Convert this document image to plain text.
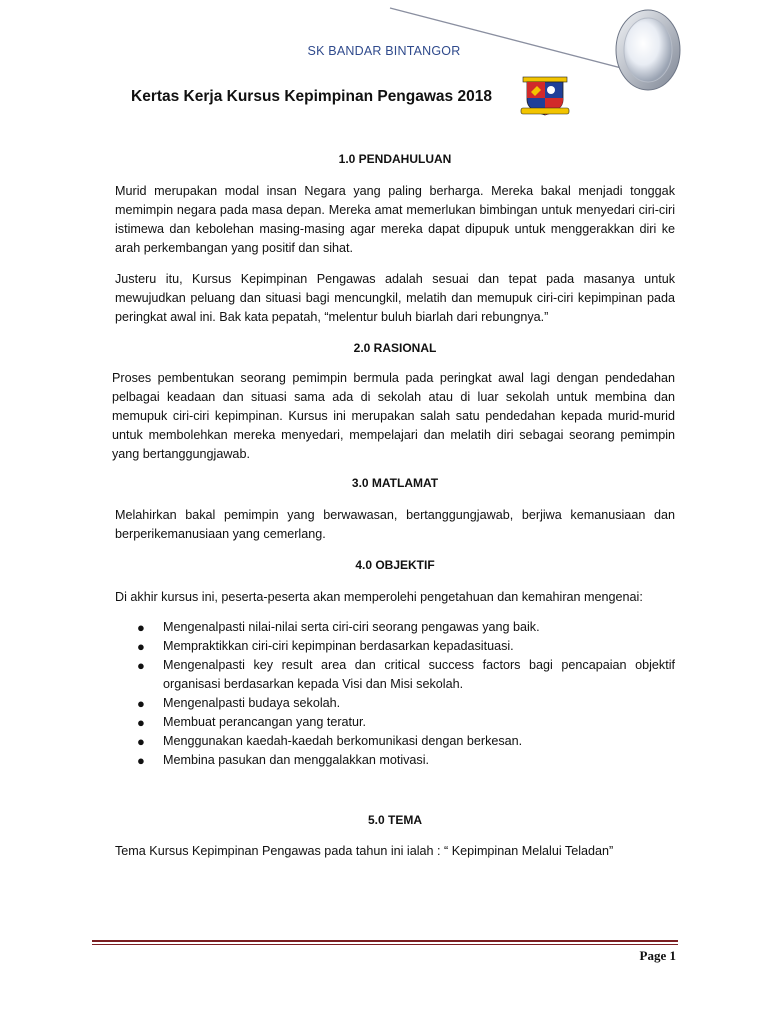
SK BANDAR BINTANGOR
Kertas Kerja Kursus Kepimpinan Pengawas 2018
1.0 PENDAHULUAN
Murid merupakan modal insan Negara yang paling berharga. Mereka bakal menjadi tonggak memimpin negara pada masa depan. Mereka amat memerlukan bimbingan untuk menyedari ciri-ciri istimewa dan kebolehan masing-masing agar mereka dapat dipupuk untuk menggerakkan diri ke arah perkembangan yang positif dan sihat.
Justeru itu, Kursus Kepimpinan Pengawas adalah sesuai dan tepat pada masanya untuk mewujudkan peluang dan situasi bagi mencungkil, melatih dan memupuk ciri-ciri kepimpinan pada peringkat awal ini. Bak kata pepatah, “melentur buluh biarlah dari rebungnya.”
2.0 RASIONAL
Proses pembentukan seorang pemimpin bermula pada peringkat awal lagi dengan pendedahan pelbagai keadaan dan situasi sama ada di sekolah atau di luar sekolah untuk membina dan memupuk ciri-ciri kepimpinan. Kursus ini merupakan salah satu pendedahan kepada murid-murid untuk membolehkan mereka menyedari, mempelajari dan melatih diri sebagai seorang pemimpin yang bertanggungjawab.
3.0 MATLAMAT
Melahirkan bakal pemimpin yang berwawasan, bertanggungjawab, berjiwa kemanusiaan dan berperikemanusiaan yang cemerlang.
4.0 OBJEKTIF
Di akhir kursus ini, peserta-peserta akan memperolehi pengetahuan dan kemahiran mengenai:
● Mengenalpasti nilai-nilai serta ciri-ciri seorang pengawas yang baik.
● Mempraktikkan ciri-ciri kepimpinan berdasarkan kepadasituasi.
● Mengenalpasti key result area dan critical success factors bagi pencapaian objektif organisasi berdasarkan kepada Visi dan Misi sekolah.
● Mengenalpasti budaya sekolah.
● Membuat perancangan yang teratur.
● Menggunakan kaedah-kaedah berkomunikasi dengan berkesan.
● Membina pasukan dan menggalakkan motivasi.
5.0 TEMA
Tema Kursus Kepimpinan Pengawas pada tahun ini ialah : “ Kepimpinan Melalui Teladan”
Page 1
